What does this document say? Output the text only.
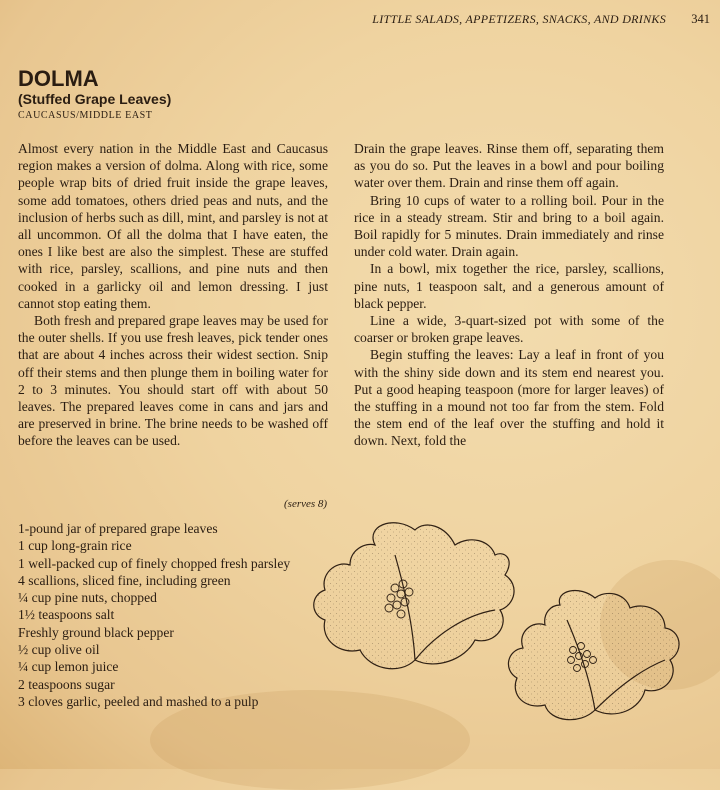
LITTLE SALADS, APPETIZERS, SNACKS, AND DRINKS 341
DOLMA
(Stuffed Grape Leaves)
CAUCASUS/MIDDLE EAST

Almost every nation in the Middle East and Caucasus region makes a version of dolma. Along with rice, some people wrap bits of dried fruit inside the grape leaves, some add tomatoes, others dried peas and nuts, and the inclusion of herbs such as dill, mint, and parsley is not at all uncommon. Of all the dolma that I have eaten, the ones I like best are also the simplest. These are stuffed with rice, parsley, scallions, and pine nuts and then cooked in a garlicky oil and lemon dressing. I just cannot stop eating them.

Both fresh and prepared grape leaves may be used for the outer shells. If you use fresh leaves, pick tender ones that are about 4 inches across their widest section. Snip off their stems and then plunge them in boiling water for 2 to 3 minutes. You should start off with about 50 leaves. The prepared leaves come in cans and jars and are preserved in brine. The brine needs to be washed off before the leaves can be used.

Drain the grape leaves. Rinse them off, separating them as you do so. Put the leaves in a bowl and pour boiling water over them. Drain and rinse them off again.

Bring 10 cups of water to a rolling boil. Pour in the rice in a steady stream. Stir and bring to a boil again. Boil rapidly for 5 minutes. Drain immediately and rinse under cold water. Drain again.

In a bowl, mix together the rice, parsley, scallions, pine nuts, 1 teaspoon salt, and a generous amount of black pepper.

Line a wide, 3-quart-sized pot with some of the coarser or broken grape leaves.

Begin stuffing the leaves: Lay a leaf in front of you with the shiny side down and its stem end nearest you. Put a good heaping teaspoon (more for larger leaves) of the stuffing in a mound not too far from the stem. Fold the stem end of the leaf over the stuffing and hold it down. Next, fold the

(serves 8)
1-pound jar of prepared grape leaves
1 cup long-grain rice
1 well-packed cup of finely chopped fresh parsley
4 scallions, sliced fine, including green
¼ cup pine nuts, chopped
1½ teaspoons salt
Freshly ground black pepper
½ cup olive oil
¼ cup lemon juice
2 teaspoons sugar
3 cloves garlic, peeled and mashed to a pulp
